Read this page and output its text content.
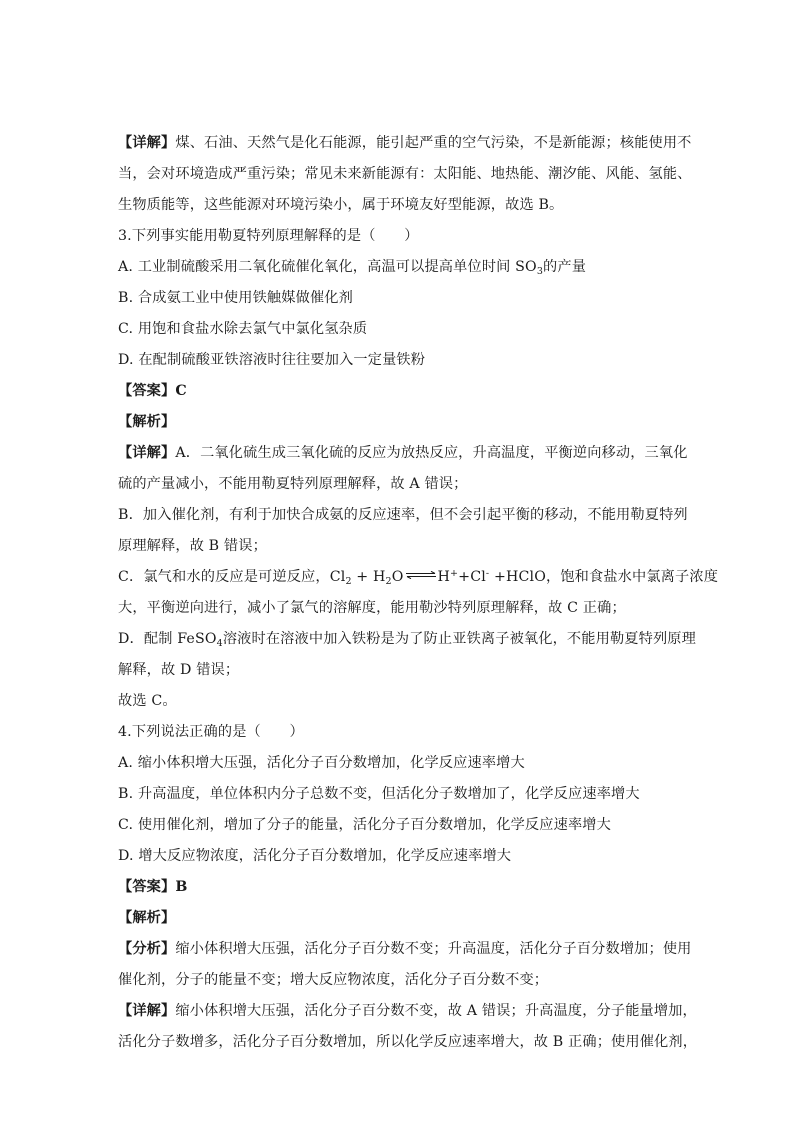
【详解】煤、石油、天然气是化石能源，能引起严重的空气污染，不是新能源；核能使用不
当，会对环境造成严重污染；常见未来新能源有：太阳能、地热能、潮汐能、风能、氢能、
生物质能等，这些能源对环境污染小，属于环境友好型能源，故选 B。
3.下列事实能用勒夏特列原理解释的是（　　）
A. 工业制硫酸采用二氧化硫催化氧化，高温可以提高单位时间 $SO_3$的产量
B. 合成氨工业中使用铁触媒做催化剂
C. 用饱和食盐水除去氯气中氯化氢杂质
D. 在配制硫酸亚铁溶液时往往要加入一定量铁粉
【答案】C
【解析】
【详解】A．二氧化硫生成三氧化硫的反应为放热反应，升高温度，平衡逆向移动，三氧化
硫的产量减小，不能用勒夏特列原理解释，故 A 错误；
B．加入催化剂，有利于加快合成氨的反应速率，但不会引起平衡的移动，不能用勒夏特列
原理解释，故 B 错误；
C．氯气和水的反应是可逆反应，$Cl_2$ + $H_2O\rightleftharpoons H^++Cl^-$ +HClO，饱和食盐水中氯离子浓度
大，平衡逆向进行，减小了氯气的溶解度，能用勒沙特列原理解释，故 C 正确；
D．配制 FeSO$_4$溶液时在溶液中加入铁粉是为了防止亚铁离子被氧化，不能用勒夏特列原理
解释，故 D 错误；
故选 C。
4.下列说法正确的是（　　）
A. 缩小体积增大压强，活化分子百分数增加，化学反应速率增大
B. 升高温度，单位体积内分子总数不变，但活化分子数增加了，化学反应速率增大
C. 使用催化剂，增加了分子的能量，活化分子百分数增加，化学反应速率增大
D. 增大反应物浓度，活化分子百分数增加，化学反应速率增大
【答案】B
【解析】
【分析】缩小体积增大压强，活化分子百分数不变；升高温度，活化分子百分数增加；使用
催化剂，分子的能量不变；增大反应物浓度，活化分子百分数不变；
【详解】缩小体积增大压强，活化分子百分数不变，故 A 错误；升高温度，分子能量增加，
活化分子数增多，活化分子百分数增加，所以化学反应速率增大，故 B 正确；使用催化剂，
